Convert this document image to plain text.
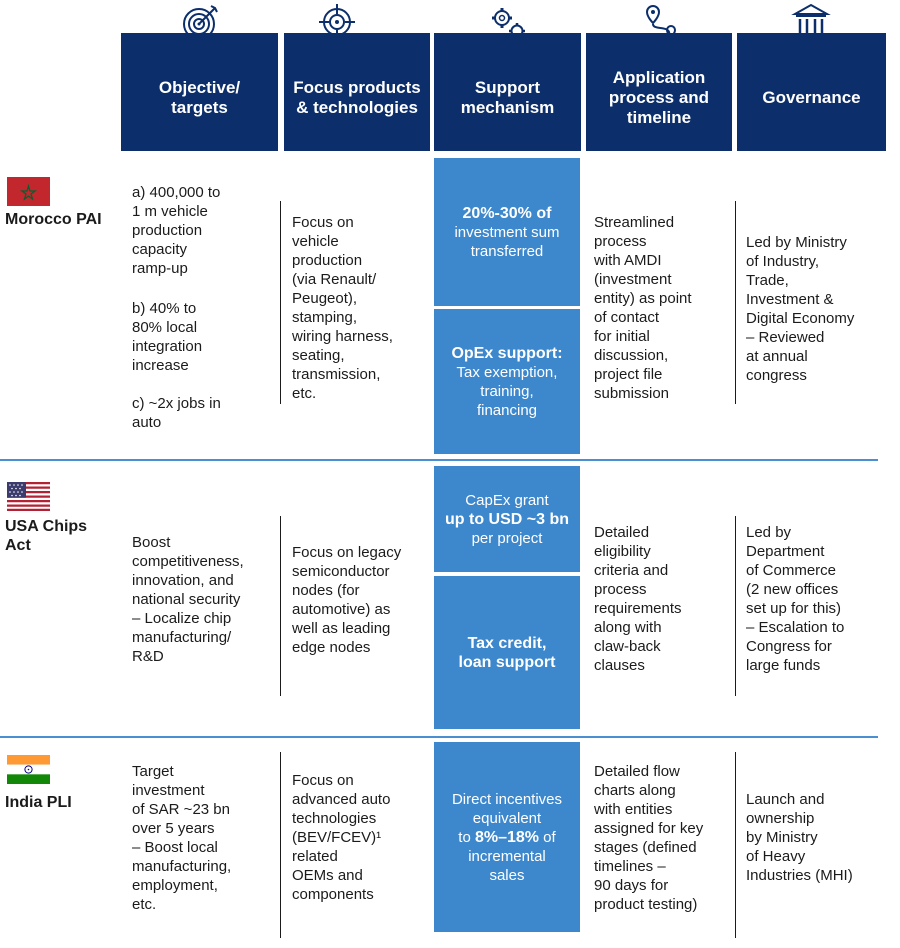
Objective/
targets
Focus products
& technologies
Support
mechanism
Application
process and
timeline
Governance
Morocco PAI
a) 400,000 to
1 m vehicle
production
capacity
ramp-up
b) 40% to
80% local
integration
increase
c) ~2x jobs in
auto
Focus on
vehicle
production
(via Renault/
Peugeot),
stamping,
wiring harness,
seating,
transmission,
etc.
20%-30% of
investment sum
transferred
OpEx support:
Tax exemption,
training,
financing
Streamlined
process
with AMDI
(investment
entity) as point
of contact
for initial
discussion,
project file
submission
Led by Ministry
of Industry,
Trade,
Investment &
Digital Economy
– Reviewed
at annual
congress
USA Chips
Act	Boost
competitiveness,
innovation, and
national security
– Localize chip
manufacturing/
R&D
Focus on legacy
semiconductor
nodes (for
automotive) as
well as leading
edge nodes
CapEx grant
up to USD ~3 bn
per project
Tax credit,
loan support
Detailed
eligibility
criteria and
process
requirements
along with
claw-back
clauses
Led by
Department
of Commerce
(2 new offices
set up for this)
– Escalation to
Congress for
large funds
India PLI
Target
investment
of SAR ~23 bn
over 5 years
– Boost local
manufacturing,
employment,
etc.
Focus on
advanced auto
technologies
(BEV/FCEV)¹
related
OEMs and
components
Direct incentives
equivalent
to 8%–18% of
incremental
sales
Detailed flow
charts along
with entities
assigned for key
stages (defined
timelines –
90 days for
product testing)
Launch and
ownership
by Ministry
of Heavy
Industries (MHI)
